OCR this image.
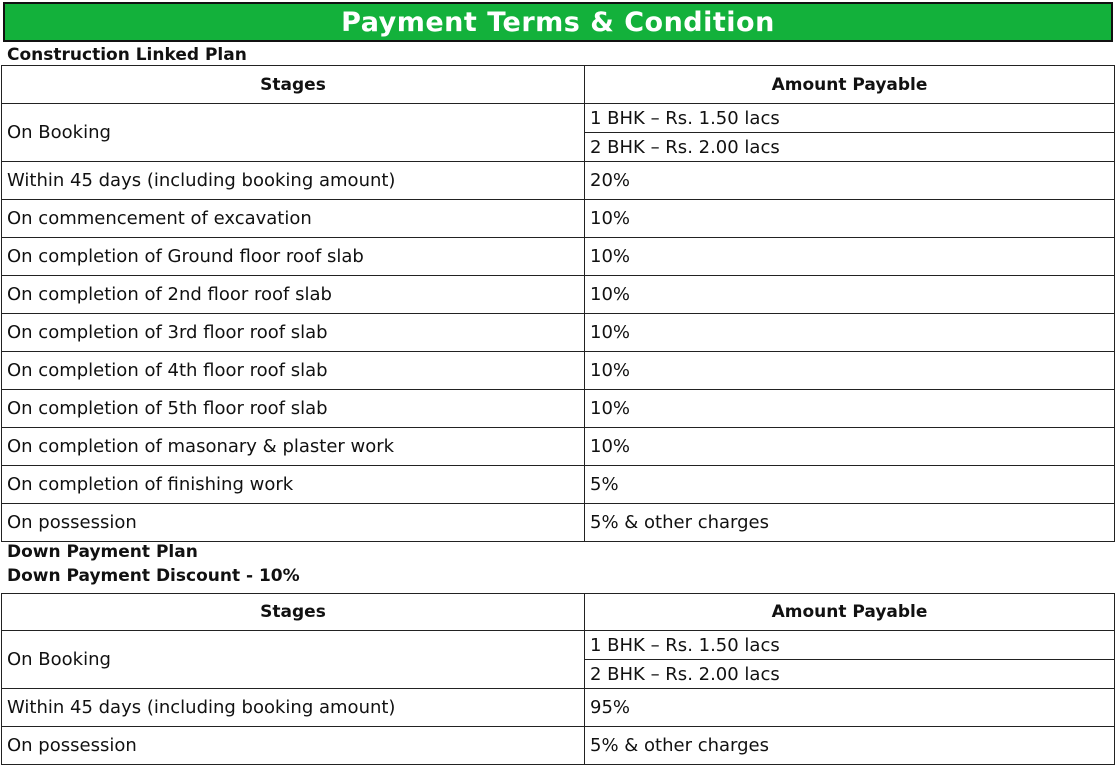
Payment Terms & Condition
Construction Linked Plan
Stages	Amount Payable
On Booking	1 BHK – Rs. 1.50 lacs
	2 BHK – Rs. 2.00 lacs
Within 45 days (including booking amount)	20%
On commencement of excavation	10%
On completion of Ground floor roof slab	10%
On completion of 2nd floor roof slab	10%
On completion of 3rd floor roof slab	10%
On completion of 4th floor roof slab	10%
On completion of 5th floor roof slab	10%
On completion of masonary & plaster work	10%
On completion of finishing work	5%
On possession	5% & other charges
Down Payment Plan
Down Payment Discount - 10%
Stages	Amount Payable
On Booking	1 BHK – Rs. 1.50 lacs
	2 BHK – Rs. 2.00 lacs
Within 45 days (including booking amount)	95%
On possession	5% & other charges
